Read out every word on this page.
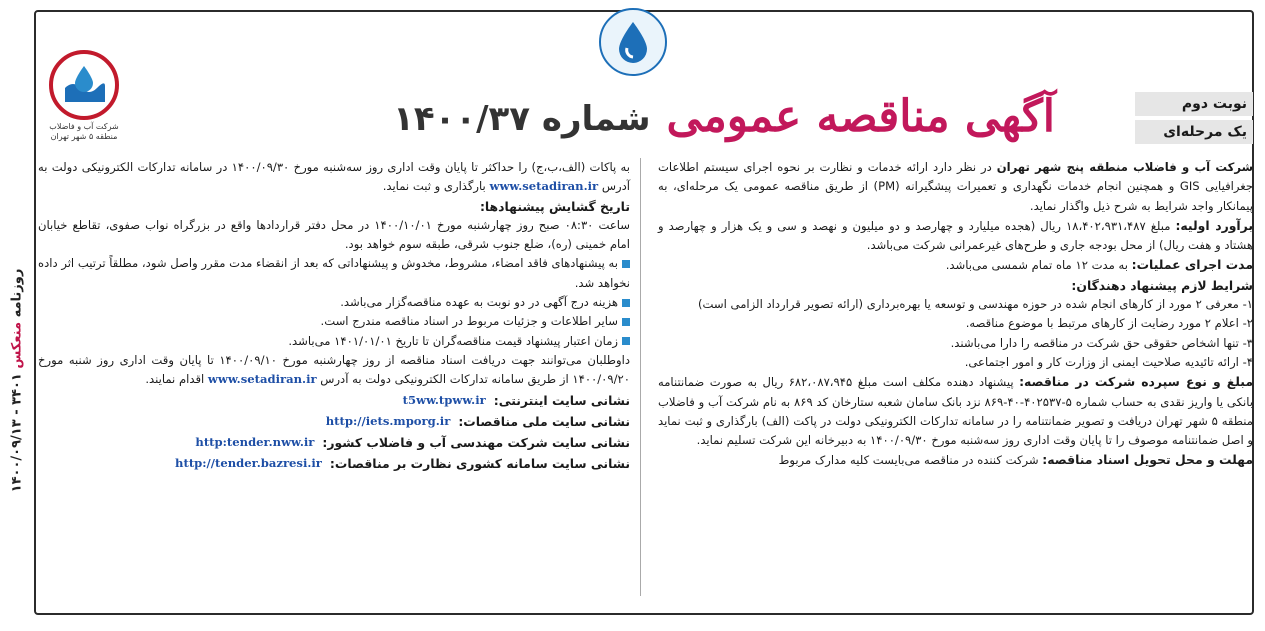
روزنامه منعکس ۳۴۰۱ - ۱۴۰۰/۰۹/۱۳
شرکت آب و فاضلاب
منطقه ۵ شهر تهران	آگهی مناقصه عمومی
شماره ۱۴۰۰/۳۷	نوبت دوم
یک مرحله‌ای

شرکت آب و فاضلاب منطقه پنج شهر تهران در نظر دارد ارائه خدمات و نظارت بر نحوه اجرای سیستم اطلاعات جغرافیایی GIS و همچنین انجام خدمات نگهداری و تعمیرات پیشگیرانه (PM) از طریق مناقصه عمومی یک مرحله‌ای، به پیمانکار واجد شرایط به شرح ذیل واگذار نماید.

برآورد اولیه: مبلغ ۱۸،۴۰۲،۹۳۱،۴۸۷ ریال (هجده میلیارد و چهارصد و دو میلیون و نهصد و سی و یک هزار و چهارصد و هشتاد و هفت ریال) از محل بودجه جاری و طرح‌های غیرعمرانی شرکت می‌باشد.

مدت اجرای عملیات: به مدت ۱۲ ماه تمام شمسی می‌باشد.

شرایط لازم پیشنهاد دهندگان:

۱- معرفی ۲ مورد از کارهای انجام شده در حوزه مهندسی و توسعه یا بهره‌برداری (ارائه تصویر قرارداد الزامی است)

۲- اعلام ۲ مورد رضایت از کارهای مرتبط با موضوع مناقصه.

۳- تنها اشخاص حقوقی حق شرکت در مناقصه را دارا می‌باشند.

۴- ارائه تائیدیه صلاحیت ایمنی از وزارت کار و امور اجتماعی.

مبلغ و نوع سپرده شرکت در مناقصه: پیشنهاد دهنده مکلف است مبلغ ۶۸۲،۰۸۷،۹۴۵ ریال به صورت ضمانتنامه بانکی یا واریز نقدی به حساب شماره ۵-۴۰۲۵۳۷-۴۰-۸۶۹ نزد بانک سامان شعبه ستارخان کد ۸۶۹ به نام شرکت آب و فاضلاب منطقه ۵ شهر تهران دریافت و تصویر ضمانتنامه را در سامانه تدارکات الکترونیکی دولت در پاکت (الف) بارگذاری و ثبت نماید و اصل ضمانتنامه موصوف را تا پایان وقت اداری روز سه‌شنبه مورخ ۱۴۰۰/۰۹/۳۰ به دبیرخانه این شرکت تسلیم نماید.

مهلت و محل تحویل اسناد مناقصه: شرکت کننده در مناقصه می‌بایست کلیه مدارک مربوط

به پاکات (الف،ب،ج) را حداکثر تا پایان وقت اداری روز سه‌شنبه مورخ ۱۴۰۰/۰۹/۳۰ در سامانه تدارکات الکترونیکی دولت به آدرس www.setadiran.ir بارگذاری و ثبت نماید.

تاریخ گشایش پیشنهادها:

ساعت ۰۸:۳۰ صبح روز چهارشنبه مورخ ۱۴۰۰/۱۰/۰۱ در محل دفتر قراردادها واقع در بزرگراه نواب صفوی، تقاطع خیابان امام خمینی (ره)، ضلع جنوب شرقی، طبقه سوم خواهد بود.

به پیشنهادهای فاقد امضاء، مشروط، مخدوش و پیشنهاداتی که بعد از انقضاء مدت مقرر واصل شود، مطلقاً ترتیب اثر داده نخواهد شد.

هزینه درج آگهی در دو نوبت به عهده مناقصه‌گزار می‌باشد.

سایر اطلاعات و جزئیات مربوط در اسناد مناقصه مندرج است.

زمان اعتبار پیشنهاد قیمت مناقصه‌گران تا تاریخ ۱۴۰۱/۰۱/۰۱ می‌باشد.

داوطلبان می‌توانند جهت دریافت اسناد مناقصه از روز چهارشنبه مورخ ۱۴۰۰/۰۹/۱۰ تا پایان وقت اداری روز شنبه مورخ ۱۴۰۰/۰۹/۲۰ از طریق سامانه تدارکات الکترونیکی دولت به آدرس www.setadiran.ir اقدام نمایند.

نشانی سایت اینترنتی:
t5ww.tpww.ir
نشانی سایت ملی مناقصات:
http://iets.mporg.ir
نشانی سایت شرکت مهندسی آب و فاضلاب کشور:
http:tender.nww.ir
نشانی سایت سامانه کشوری نظارت بر مناقصات:
http://tender.bazresi.ir
